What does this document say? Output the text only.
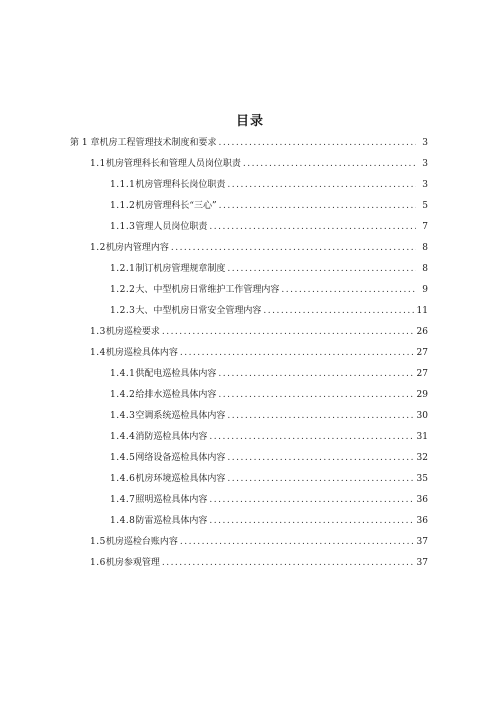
目录
第 1 章机房工程管理技术制度和要求 .....	3
1.1 机房管理科长和管理人员岗位职责 .....	3
1.1.1 机房管理科长岗位职责 .....	3
1.1.2 机房管理科长“三心” .....	5
1.1.3 管理人员岗位职责 .....	7
1.2 机房内管理内容 .....	8
1.2.1 制订机房管理规章制度 .....	8
1.2.2 大、中型机房日常维护工作管理内容 .....	9
1.2.3 大、中型机房日常安全管理内容 .....	11
1.3 机房巡检要求 .....	26
1.4 机房巡检具体内容 .....	27
1.4.1 供配电巡检具体内容 .....	27
1.4.2 给排水巡检具体内容 .....	29
1.4.3 空调系统巡检具体内容 .....	30
1.4.4 消防巡检具体内容 .....	31
1.4.5 网络设备巡检具体内容 .....	32
1.4.6 机房环境巡检具体内容 .....	35
1.4.7 照明巡检具体内容 .....	36
1.4.8 防雷巡检具体内容 .....	36
1.5 机房巡检台账内容 .....	37
1.6 机房参观管理 .....	37
